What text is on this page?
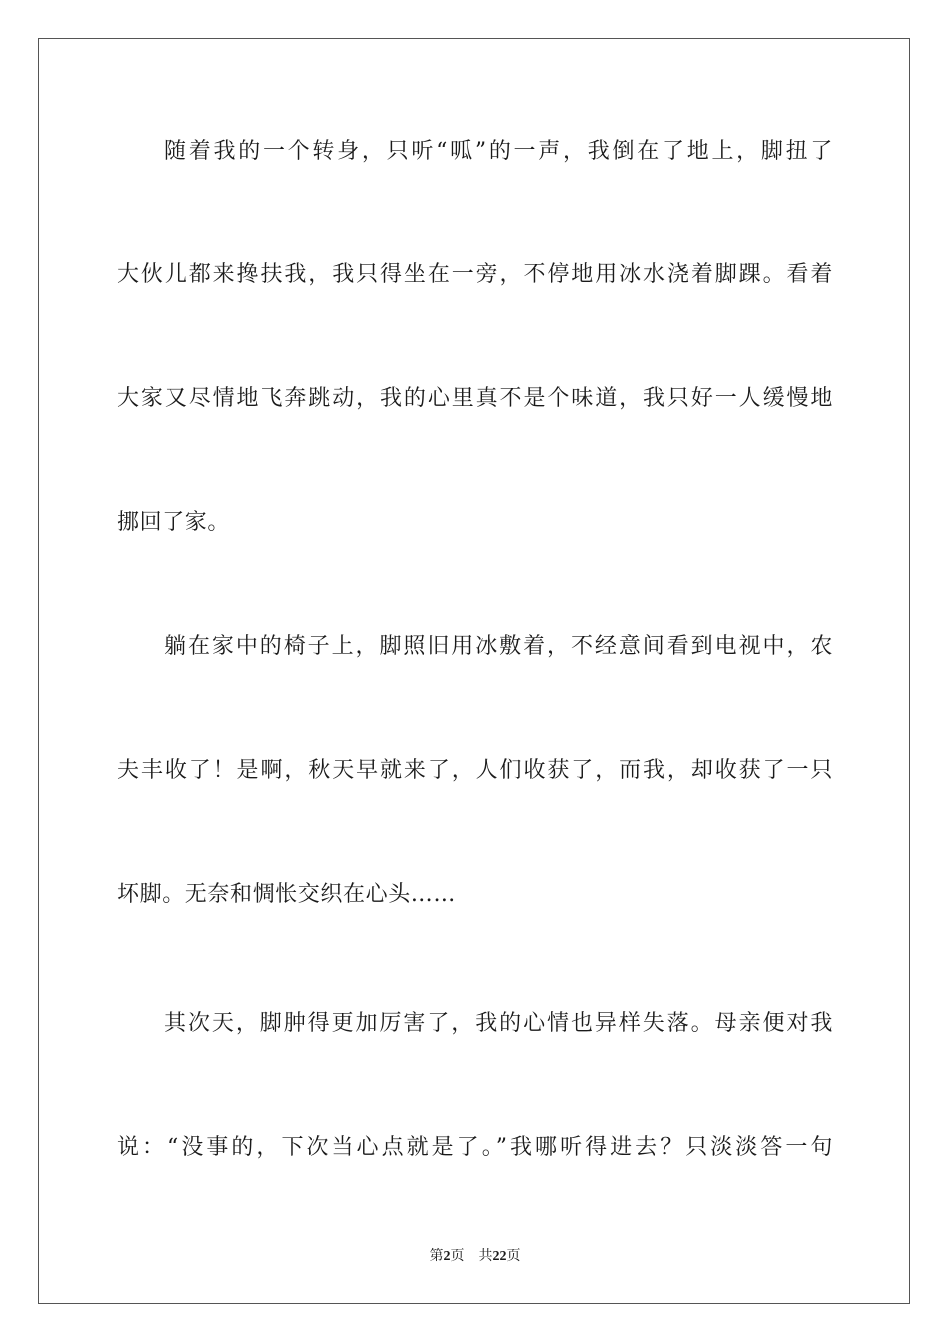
随着我的一个转身，只听“呱”的一声，我倒在了地上，脚扭了
大伙儿都来搀扶我，我只得坐在一旁，不停地用冰水浇着脚踝。看着
大家又尽情地飞奔跳动，我的心里真不是个味道，我只好一人缓慢地
挪回了家。
躺在家中的椅子上，脚照旧用冰敷着，不经意间看到电视中，农
夫丰收了！是啊，秋天早就来了，人们收获了，而我，却收获了一只
坏脚。无奈和惆怅交织在心头……
其次天，脚肿得更加厉害了，我的心情也异样失落。母亲便对我
说：“没事的，下次当心点就是了。”我哪听得进去？只淡淡答一句
第2页 共22页
